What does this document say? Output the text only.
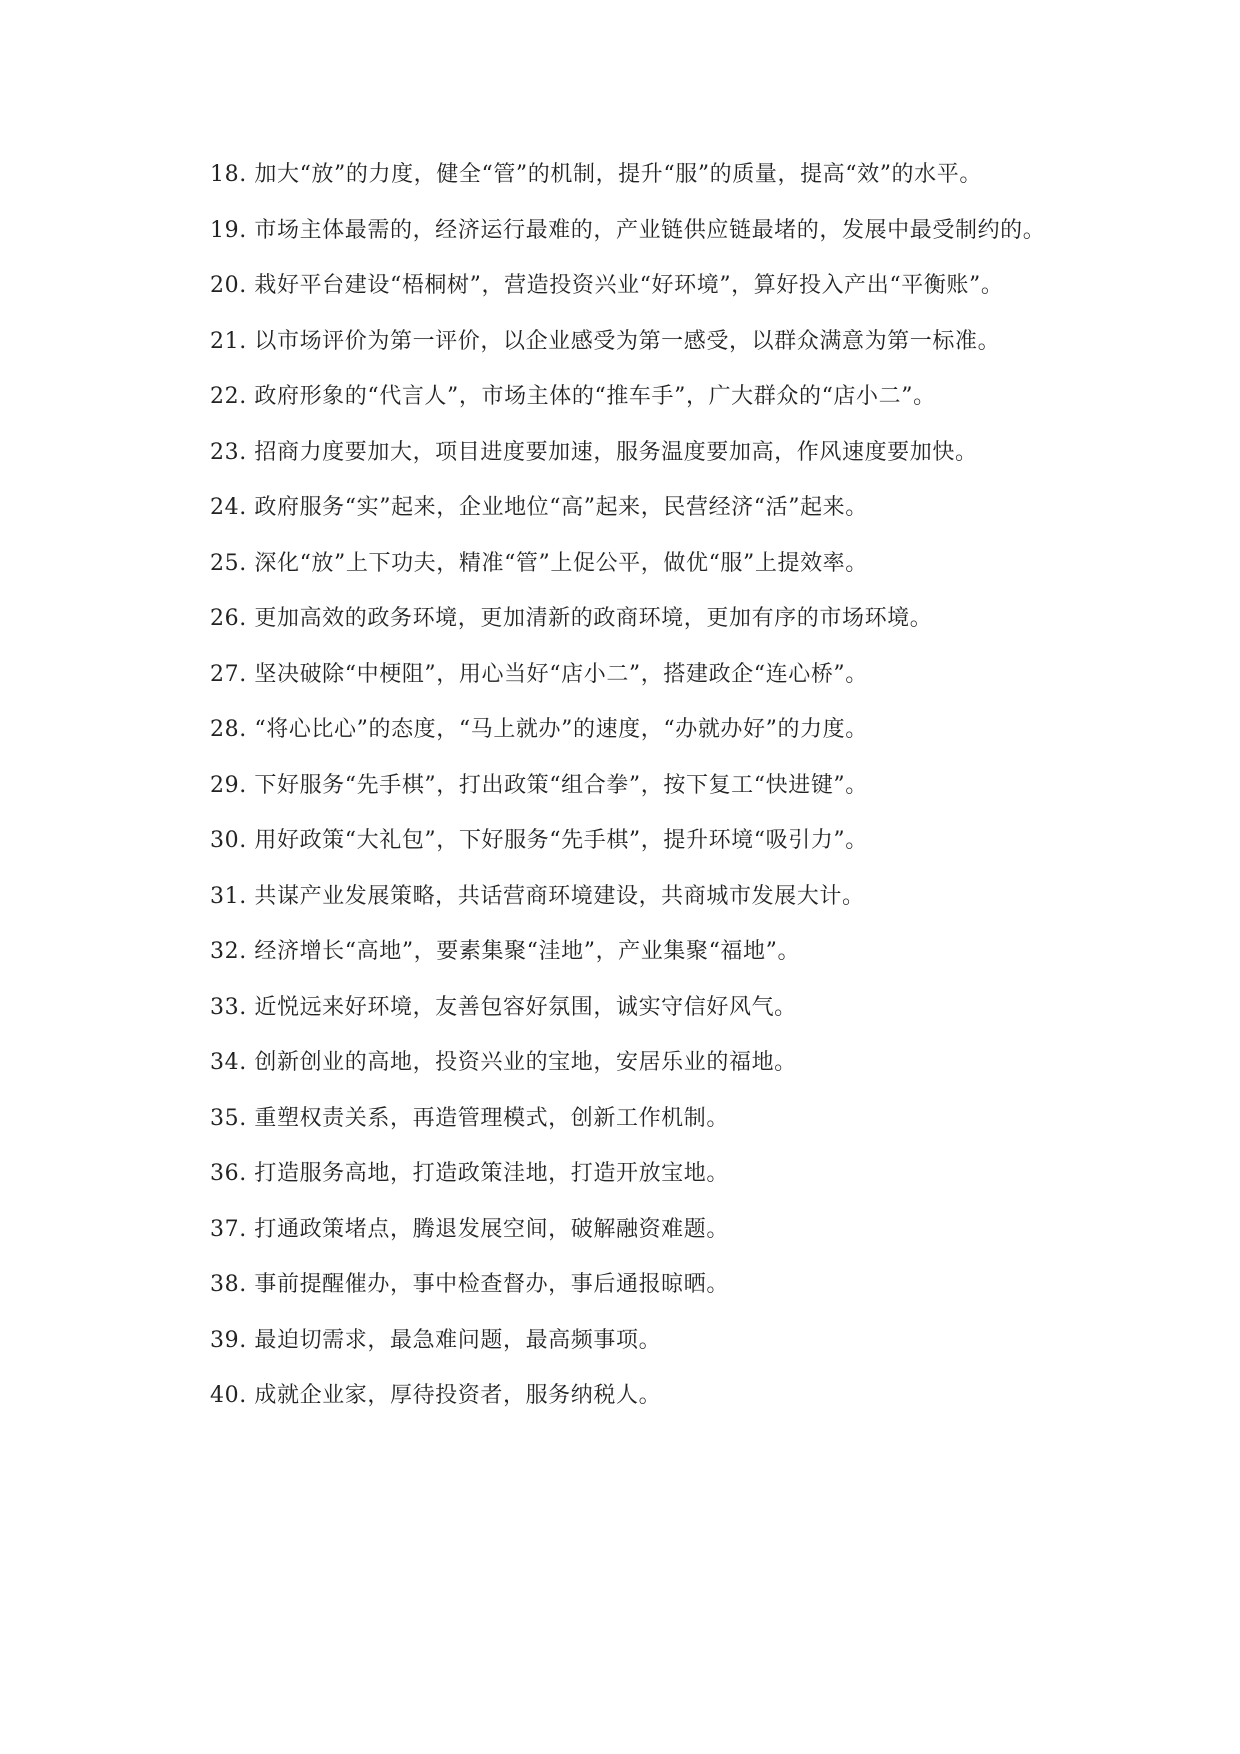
18. 加大“放”的力度，健全“管”的机制，提升“服”的质量，提高“效”的水平。

19. 市场主体最需的，经济运行最难的，产业链供应链最堵的，发展中最受制约的。

20. 栽好平台建设“梧桐树”，营造投资兴业“好环境”，算好投入产出“平衡账”。

21. 以市场评价为第一评价，以企业感受为第一感受，以群众满意为第一标准。

22. 政府形象的“代言人”，市场主体的“推车手”，广大群众的“店小二”。

23. 招商力度要加大，项目进度要加速，服务温度要加高，作风速度要加快。

24. 政府服务“实”起来，企业地位“高”起来，民营经济“活”起来。

25. 深化“放”上下功夫，精准“管”上促公平，做优“服”上提效率。

26. 更加高效的政务环境，更加清新的政商环境，更加有序的市场环境。

27. 坚决破除“中梗阻”，用心当好“店小二”，搭建政企“连心桥”。

28. “将心比心”的态度，“马上就办”的速度，“办就办好”的力度。

29. 下好服务“先手棋”，打出政策“组合拳”，按下复工“快进键”。

30. 用好政策“大礼包”，下好服务“先手棋”，提升环境“吸引力”。

31. 共谋产业发展策略，共话营商环境建设，共商城市发展大计。

32. 经济增长“高地”，要素集聚“洼地”，产业集聚“福地”。

33. 近悦远来好环境，友善包容好氛围，诚实守信好风气。

34. 创新创业的高地，投资兴业的宝地，安居乐业的福地。

35. 重塑权责关系，再造管理模式，创新工作机制。

36. 打造服务高地，打造政策洼地，打造开放宝地。

37. 打通政策堵点，腾退发展空间，破解融资难题。

38. 事前提醒催办，事中检查督办，事后通报晾晒。

39. 最迫切需求，最急难问题，最高频事项。

40. 成就企业家，厚待投资者，服务纳税人。
